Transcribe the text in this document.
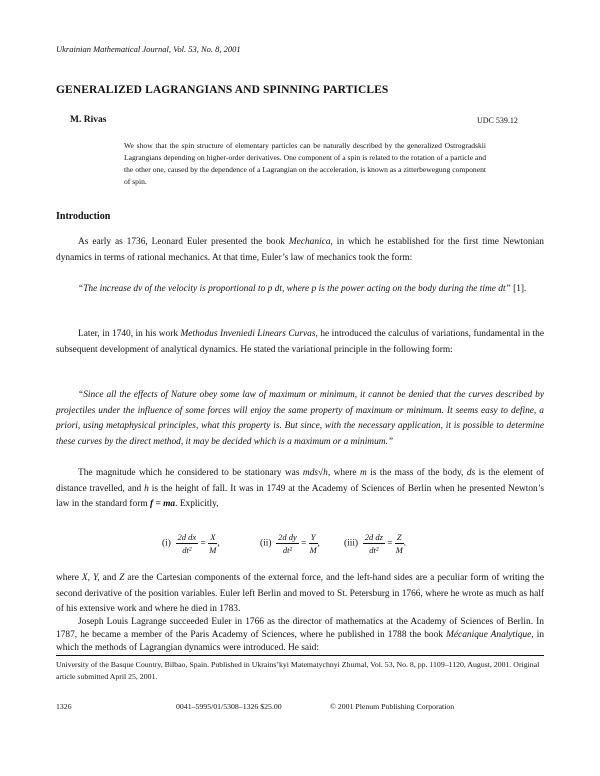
Ukrainian Mathematical Journal, Vol. 53, No. 8, 2001
GENERALIZED LAGRANGIANS AND SPINNING PARTICLES
M. Rivas	UDC 539.12
We show that the spin structure of elementary particles can be naturally described by the generalized Ostrogradskii Lagrangians depending on higher-order derivatives. One component of a spin is related to the rotation of a particle and the other one, caused by the dependence of a Lagrangian on the acceleration, is known as a zitterbewegung component of spin.
Introduction
As early as 1736, Leonard Euler presented the book Mechanica, in which he established for the first time Newtonian dynamics in terms of rational mechanics. At that time, Euler’s law of mechanics took the form:
“The increase dv of the velocity is proportional to p dt, where p is the power acting on the body during the time dt” [1].
Later, in 1740, in his work Methodus Inveniedi Linears Curvas, he introduced the calculus of variations, fundamental in the subsequent development of analytical dynamics. He stated the variational principle in the following form:
“Since all the effects of Nature obey some law of maximum or minimum, it cannot be denied that the curves described by projectiles under the influence of some forces will enjoy the same property of maximum or minimum. It seems easy to define, a priori, using metaphysical principles, what this property is. But since, with the necessary application, it is possible to determine these curves by the direct method, it may be decided which is a maximum or a minimum.”
The magnitude which he considered to be stationary was mds√h, where m is the mass of the body, ds is the element of distance travelled, and h is the height of fall. It was in 1749 at the Academy of Sciences of Berlin when he presented Newton’s law in the standard form f = ma. Explicitly,
$(i) \frac{\text{2d dx}}{\text{dt²}} = \frac{X}{M}$ ,	$(ii) \frac{\text{2d dy}}{\text{dt²}} = \frac{Y}{M}$ ,	$(iii) \frac{\text{2d dz}}{\text{dt²}} = \frac{Z}{M}$ .
where X, Y, and Z are the Cartesian components of the external force, and the left-hand sides are a peculiar form of writing the second derivative of the position variables. Euler left Berlin and moved to St. Petersburg in 1766, where he wrote as much as half of his extensive work and where he died in 1783.
Joseph Louis Lagrange succeeded Euler in 1766 as the director of mathematics at the Academy of Sciences of Berlin. In 1787, he became a member of the Paris Academy of Sciences, where he published in 1788 the book Mécanique Analytique, in which the methods of Lagrangian dynamics were introduced. He said:
University of the Basque Country, Bilbao, Spain. Published in Ukrains’kyi Matematychnyi Zhurnal, Vol. 53, No. 8, pp. 1109–1120, August, 2001. Original article submitted April 25, 2001.
1326	0041–5995/01/5308–1326 $25.00	© 2001 Plenum Publishing Corporation
